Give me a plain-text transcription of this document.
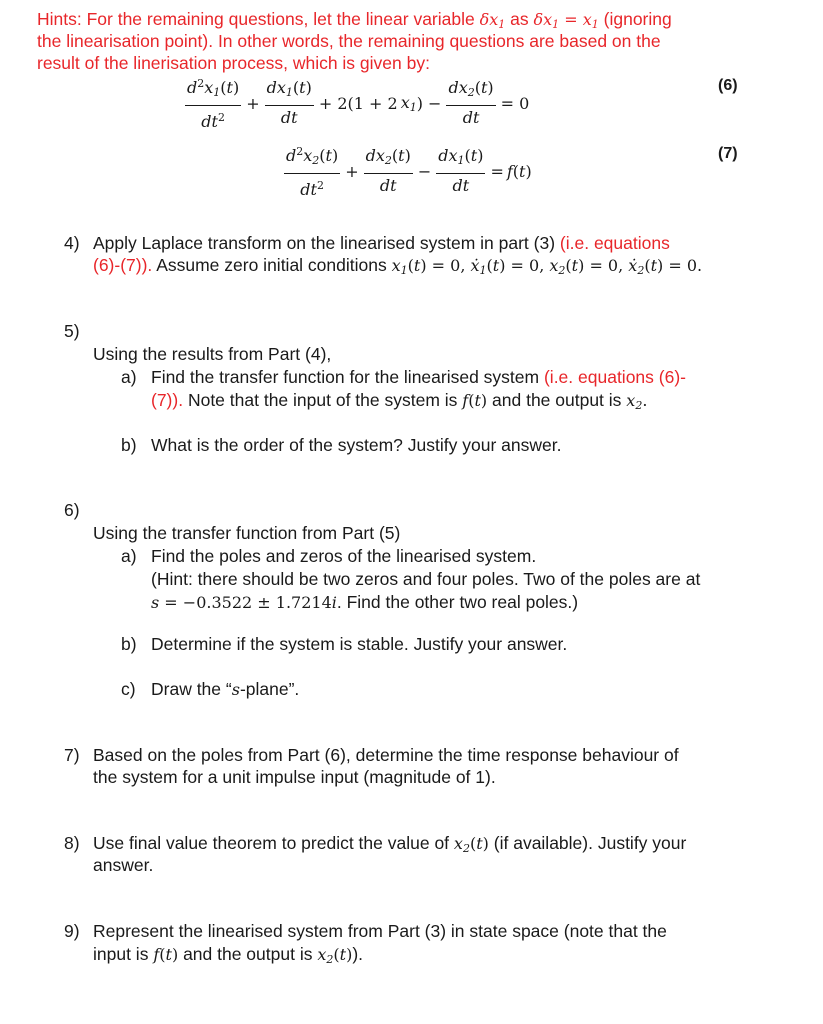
Hints: For the remaining questions, let the linear variable $\delta x_1$ as $\delta x_1 = x_1$ (ignoring
the linearisation point). In other words, the remaining questions are based on the
result of the linerisation process, which is given by:
$\frac{d^2x_1(t)}{dt^2} + \frac{dx_1(t)}{dt} + 2(1 + 2$ $x_1$ ) − $\frac{dx_2(t)}{dt} = 0$
(6)
$\frac{d^2x_2(t)}{dt^2} + \frac{dx_2(t)}{dt} - \frac{dx_1(t)}{dt} = f(t)$
(7)
4) Apply Laplace transform on the linearised system in part (3) (i.e. equations
(6)-(7)). Assume zero initial conditions $x_1(t) = 0$, ẋ$_1$(t) = 0, $x_2(t) = 0$, ẋ$_2$(t) = 0.
5)
Using the results from Part (4),
a) Find the transfer function for the linearised system (i.e. equations (6)-
(7)). Note that the input of the system is f(t) and the output is $x_2$.
b) What is the order of the system? Justify your answer.
6)
Using the transfer function from Part (5)
a) Find the poles and zeros of the linearised system.
(Hint: there should be two zeros and four poles. Two of the poles are at
s = −0.3522 ± 1.7214i. Find the other two real poles.)
b) Determine if the system is stable. Justify your answer.
c) Draw the “s-plane”.
7) Based on the poles from Part (6), determine the time response behaviour of
the system for a unit impulse input (magnitude of 1).
8) Use final value theorem to predict the value of $x_2(t)$ (if available). Justify your
answer.
9) Represent the linearised system from Part (3) in state space (note that the
input is f(t) and the output is $x_2(t)$).
